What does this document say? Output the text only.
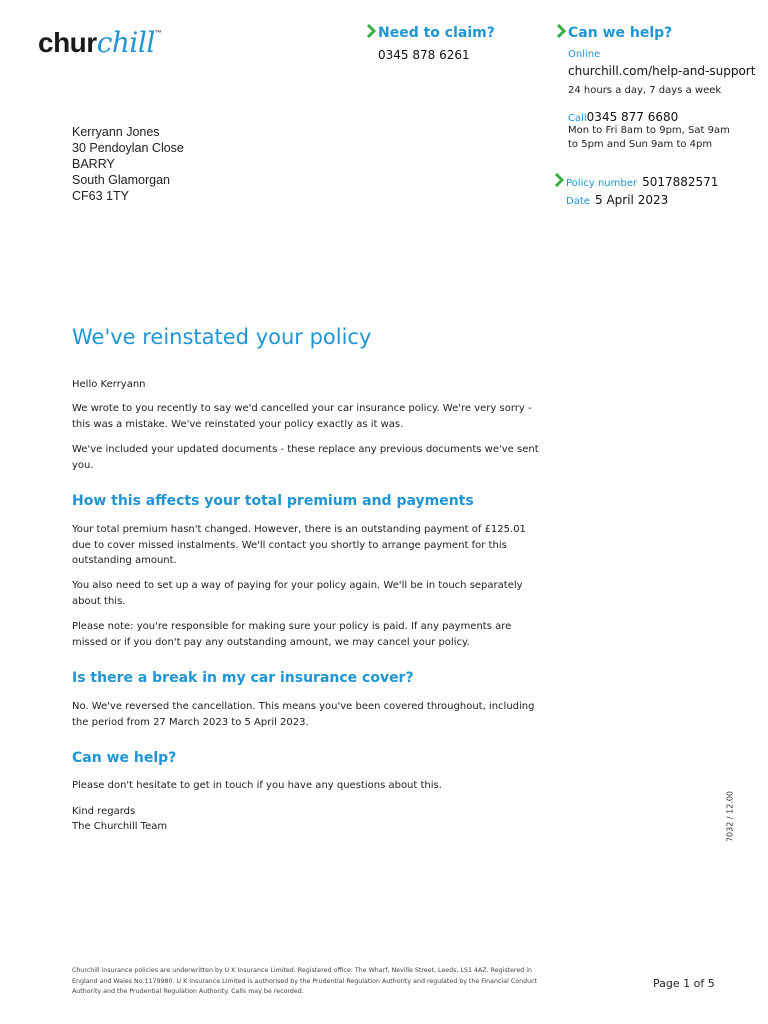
churchill™	Need to claim?
0345 878 6261
Can we help?
Online
churchill.com/help-and-support
24 hours a day, 7 days a week
Call0345 877 6680
Mon to Fri 8am to 9pm, Sat 9am
to 5pm and Sun 9am to 4pm
Policy number 5017882571
Date 5 April 2023
Kerryann Jones
30 Pendoylan Close
BARRY
South Glamorgan
CF63 1TY
We've reinstated your policy

Hello Kerryann

We wrote to you recently to say we'd cancelled your car insurance policy. We're very sorry - this was a mistake. We've reinstated your policy exactly as it was.

We've included your updated documents - these replace any previous documents we've sent you.

How this affects your total premium and payments

Your total premium hasn't changed. However, there is an outstanding payment of £125.01 due to cover missed instalments. We'll contact you shortly to arrange payment for this outstanding amount.

You also need to set up a way of paying for your policy again. We'll be in touch separately about this.

Please note: you're responsible for making sure your policy is paid. If any payments are missed or if you don't pay any outstanding amount, we may cancel your policy.

Is there a break in my car insurance cover?

No. We've reversed the cancellation. This means you've been covered throughout, including the period from 27 March 2023 to 5 April 2023.

Can we help?

Please don't hesitate to get in touch if you have any questions about this.

Kind regards

The Churchill Team	7032 / 12.00
Churchill insurance policies are underwritten by U K Insurance Limited. Registered office: The Wharf, Neville Street, Leeds, LS1 4AZ. Registered in England and Wales No.1179980. U K Insurance Limited is authorised by the Prudential Regulation Authority and regulated by the Financial Conduct Authority and the Prudential Regulation Authority. Calls may be recorded.
Page 1 of 5
